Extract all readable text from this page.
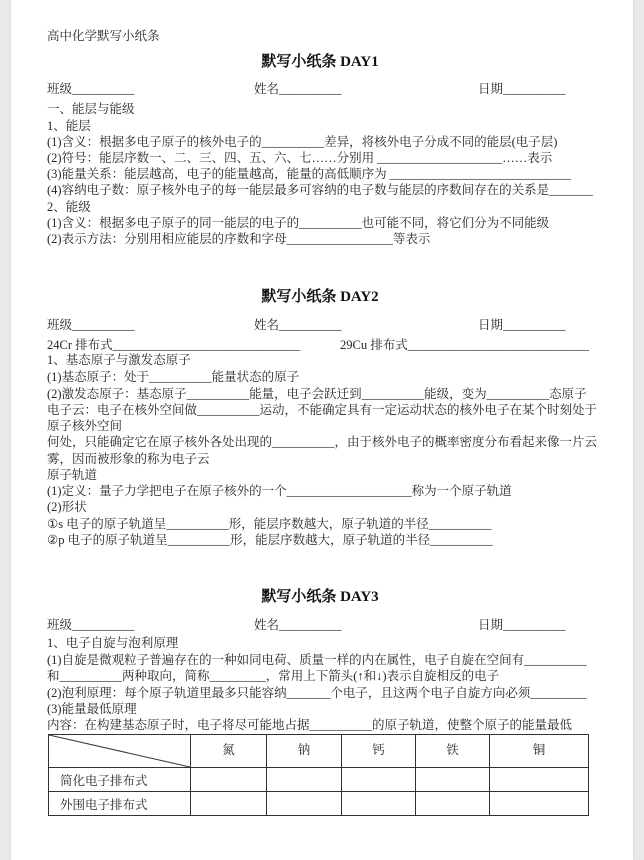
高中化学默写小纸条
默写小纸条 DAY1
班级__________	姓名__________	日期__________
一、能层与能级
1、能层
(1)含义：根据多电子原子的核外电子的__________差异，将核外电子分成不同的能层(电子层)
(2)符号：能层序数一、二、三、四、五、六、七……分别用 ____________________……表示
(3)能量关系：能层越高，电子的能量越高，能量的高低顺序为 _____________________________
(4)容纳电子数：原子核外电子的每一能层最多可容纳的电子数与能层的序数间存在的关系是_______
2、能级
(1)含义：根据多电子原子的同一能层的电子的__________也可能不同，将它们分为不同能级
(2)表示方法：分别用相应能层的序数和字母_________________等表示
默写小纸条 DAY2
班级__________	姓名__________	日期__________
24Cr 排布式______________________________	29Cu 排布式_____________________________
1、基态原子与激发态原子
(1)基态原子：处于__________能量状态的原子
(2)激发态原子：基态原子__________能量，电子会跃迁到__________能级，变为__________态原子
电子云：电子在核外空间做__________运动，不能确定具有一定运动状态的核外电子在某个时刻处于
原子核外空间
何处，只能确定它在原子核外各处出现的__________，由于核外电子的概率密度分布看起来像一片云
雾，因而被形象的称为电子云
原子轨道
(1)定义：量子力学把电子在原子核外的一个____________________称为一个原子轨道
(2)形状
①s 电子的原子轨道呈__________形，能层序数越大，原子轨道的半径__________
②p 电子的原子轨道呈__________形，能层序数越大，原子轨道的半径__________
默写小纸条 DAY3
班级__________	姓名__________	日期__________
1、电子自旋与泡利原理
(1)自旋是微观粒子普遍存在的一种如同电荷、质量一样的内在属性，电子自旋在空间有__________
和__________两种取向，简称_________，常用上下箭头(↑和↓)表示自旋相反的电子
(2)泡利原理：每个原子轨道里最多只能容纳_______个电子，且这两个电子自旋方向必须_________
(3)能量最低原理
内容：在构建基态原子时，电子将尽可能地占据__________的原子轨道，使整个原子的能量最低
	氮	钠	钙	铁	铜
简化电子排布式					
外围电子排布式					
